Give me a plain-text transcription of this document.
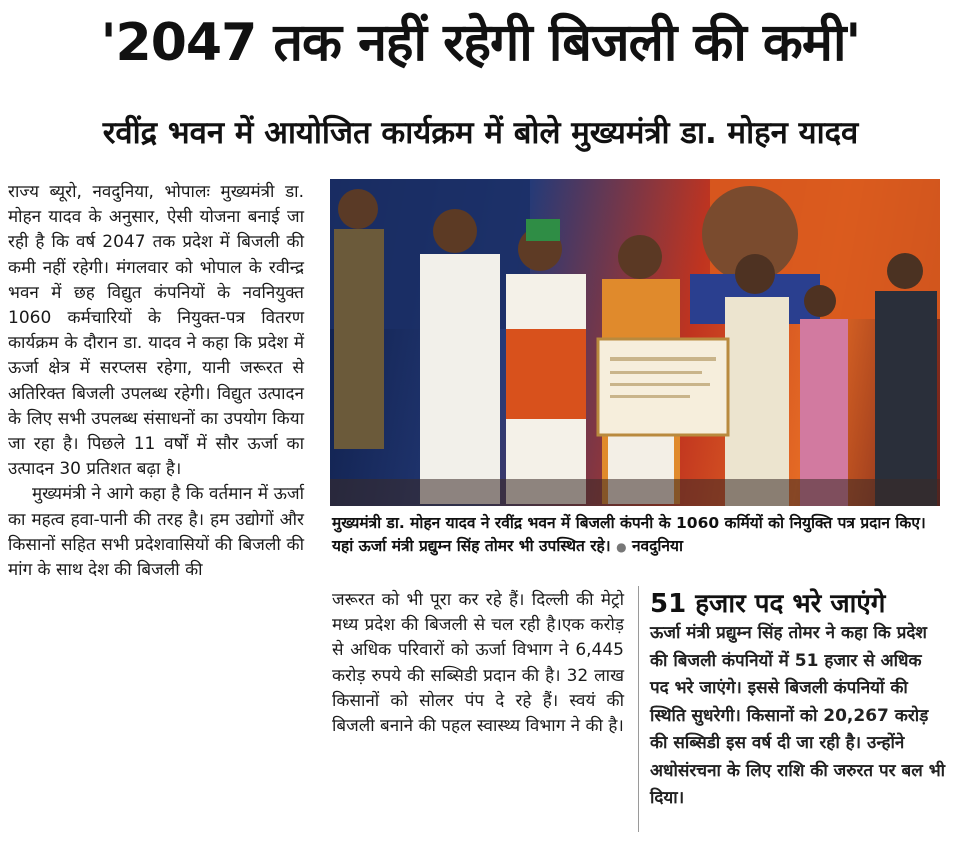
'2047 तक नहीं रहेगी बिजली की कमी'
रवींद्र भवन में आयोजित कार्यक्रम में बोले मुख्यमंत्री डा. मोहन यादव

राज्य ब्यूरो, नवदुनिया, भोपालः मुख्यमंत्री डा. मोहन यादव के अनुसार, ऐसी योजना बनाई जा रही है कि वर्ष 2047 तक प्रदेश में बिजली की कमी नहीं रहेगी। मंगलवार को भोपाल के रवीन्द्र भवन में छह विद्युत कंपनियों के नवनियुक्त 1060 कर्मचारियों के नियुक्त-पत्र वितरण कार्यक्रम के दौरान डा. यादव ने कहा कि प्रदेश में ऊर्जा क्षेत्र में सरप्लस रहेगा, यानी जरूरत से अतिरिक्त बिजली उपलब्ध रहेगी। विद्युत उत्पादन के लिए सभी उपलब्ध संसाधनों का उपयोग किया जा रहा है। पिछले 11 वर्षों में सौर ऊर्जा का उत्पादन 30 प्रतिशत बढ़ा है।

मुख्यमंत्री ने आगे कहा है कि वर्तमान में ऊर्जा का महत्व हवा-पानी की तरह है। हम उद्योगों और किसानों सहित सभी प्रदेशवासियों की बिजली की मांग के साथ देश की बिजली की

मुख्यमंत्री डा. मोहन यादव ने रवींद्र भवन में बिजली कंपनी के 1060 कर्मियों को नियुक्ति पत्र प्रदान किए। यहां ऊर्जा मंत्री प्रद्युम्न सिंह तोमर भी उपस्थित रहे। ● नवदुनिया

जरूरत को भी पूरा कर रहे हैं। दिल्ली की मेट्रो मध्य प्रदेश की बिजली से चल रही है।एक करोड़ से अधिक परिवारों को ऊर्जा विभाग ने 6,445 करोड़ रुपये की सब्सिडी प्रदान की है। 32 लाख किसानों को सोलर पंप दे रहे हैं। स्वयं की बिजली बनाने की पहल स्वास्थ्य विभाग ने की है।

51 हजार पद भरे जाएंगे

ऊर्जा मंत्री प्रद्युम्न सिंह तोमर ने कहा कि प्रदेश की बिजली कंपनियों में 51 हजार से अधिक पद भरे जाएंगे। इससे बिजली कंपनियों की स्थिति सुधरेगी। किसानों को 20,267 करोड़ की सब्सिडी इस वर्ष दी जा रही है। उन्होंने अधोसंरचना के लिए राशि की जरुरत पर बल भी दिया।
